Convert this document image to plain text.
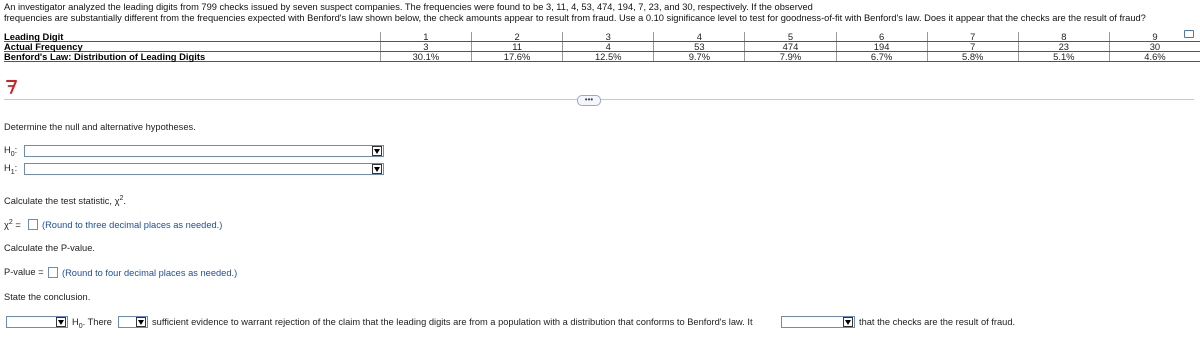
An investigator analyzed the leading digits from 799 checks issued by seven suspect companies. The frequencies were found to be 3, 11, 4, 53, 474, 194, 7, 23, and 30, respectively. If the observed
frequencies are substantially different from the frequencies expected with Benford's law shown below, the check amounts appear to result from fraud. Use a 0.10 significance level to test for goodness-of-fit with Benford's law. Does it appear that the checks are the result of fraud?
Leading Digit	1	2	3	4	5	6	7	8	9
Actual Frequency	3	11	4	53	474	194	7	23	30
Benford's Law: Distribution of Leading Digits	30.1%	17.6%	12.5%	9.7%	7.9%	6.7%	5.8%	5.1%	4.6%
•••
Determine the null and alternative hypotheses.
$H_0$:
$H_1$:
Calculate the test statistic, $\chi^2$.
$\chi^2$ = (Round to three decimal places as needed.)
Calculate the P-value.
P-value = (Round to four decimal places as needed.)
State the conclusion.
$H_0$. There	sufficient evidence to warrant rejection of the claim that the leading digits are from a population with a distribution that conforms to Benford's law. It	that the checks are the result of fraud.
